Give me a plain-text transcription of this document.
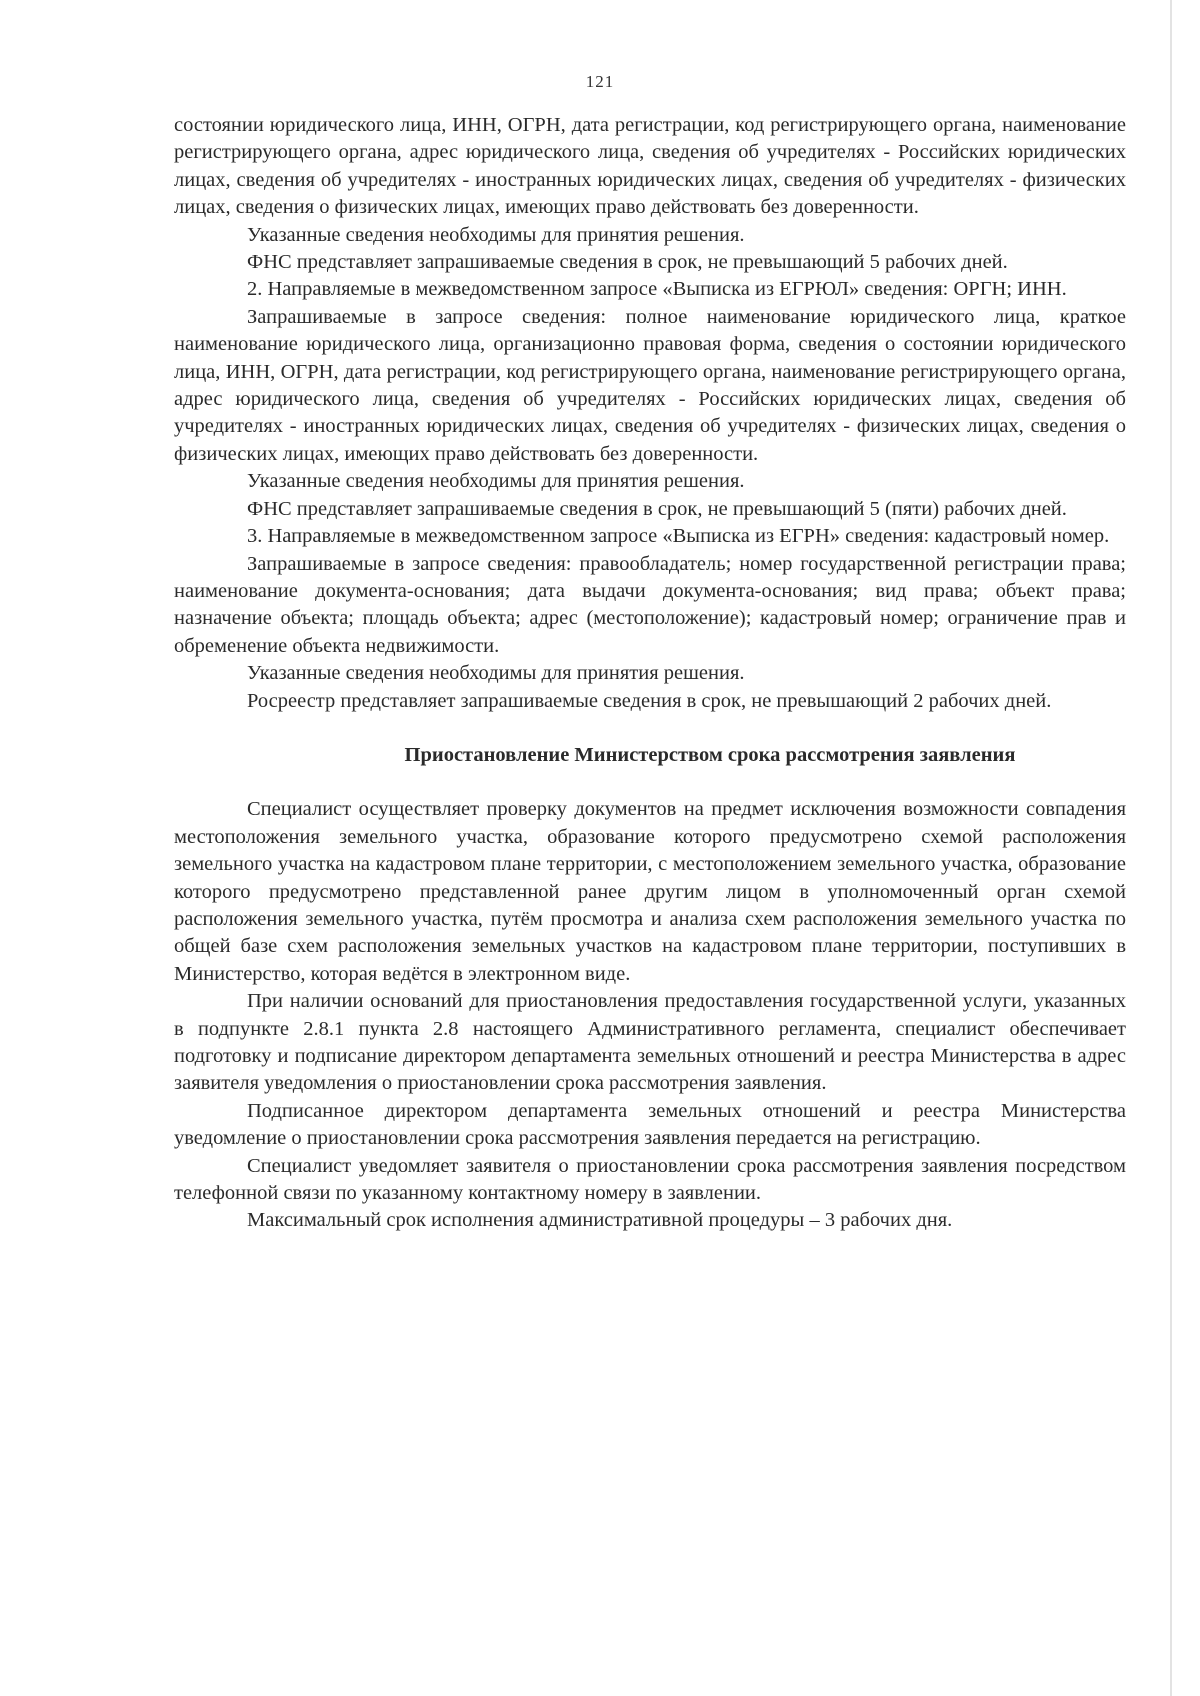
121

состоянии юридического лица, ИНН, ОГРН, дата регистрации, код регистрирующего органа, наименование регистрирующего органа, адрес юридического лица, сведения об учредителях - Российских юридических лицах, сведения об учредителях - иностранных юридических лицах, сведения об учредителях - физических лицах, сведения о физических лицах, имеющих право действовать без доверенности.

Указанные сведения необходимы для принятия решения.

ФНС представляет запрашиваемые сведения в срок, не превышающий 5 рабочих дней.

2. Направляемые в межведомственном запросе «Выписка из ЕГРЮЛ» сведения: ОРГН; ИНН.

Запрашиваемые в запросе сведения: полное наименование юридического лица, краткое наименование юридического лица, организационно правовая форма, сведения о состоянии юридического лица, ИНН, ОГРН, дата регистрации, код регистрирующего органа, наименование регистрирующего органа, адрес юридического лица, сведения об учредителях - Российских юридических лицах, сведения об учредителях - иностранных юридических лицах, сведения об учредителях - физических лицах, сведения о физических лицах, имеющих право действовать без доверенности.

Указанные сведения необходимы для принятия решения.

ФНС представляет запрашиваемые сведения в срок, не превышающий 5 (пяти) рабочих дней.

3. Направляемые в межведомственном запросе «Выписка из ЕГРН» сведения: кадастровый номер.

Запрашиваемые в запросе сведения: правообладатель; номер государственной регистрации права; наименование документа-основания; дата выдачи документа-основания; вид права; объект права; назначение объекта; площадь объекта; адрес (местоположение); кадастровый номер; ограничение прав и обременение объекта недвижимости.

Указанные сведения необходимы для принятия решения.

Росреестр представляет запрашиваемые сведения в срок, не превышающий 2 рабочих дней.

Приостановление Министерством срока рассмотрения заявления

Специалист осуществляет проверку документов на предмет исключения возможности совпадения местоположения земельного участка, образование которого предусмотрено схемой расположения земельного участка на кадастровом плане территории, с местоположением земельного участка, образование которого предусмотрено представленной ранее другим лицом в уполномоченный орган схемой расположения земельного участка, путём просмотра и анализа схем расположения земельного участка по общей базе схем расположения земельных участков на кадастровом плане территории, поступивших в Министерство, которая ведётся в электронном виде.

При наличии оснований для приостановления предоставления государственной услуги, указанных в подпункте 2.8.1 пункта 2.8 настоящего Административного регламента, специалист обеспечивает подготовку и подписание директором департамента земельных отношений и реестра Министерства в адрес заявителя уведомления о приостановлении срока рассмотрения заявления.

Подписанное директором департамента земельных отношений и реестра Министерства уведомление о приостановлении срока рассмотрения заявления передается на регистрацию.

Специалист уведомляет заявителя о приостановлении срока рассмотрения заявления посредством телефонной связи по указанному контактному номеру в заявлении.

Максимальный срок исполнения административной процедуры – 3 рабочих дня.
